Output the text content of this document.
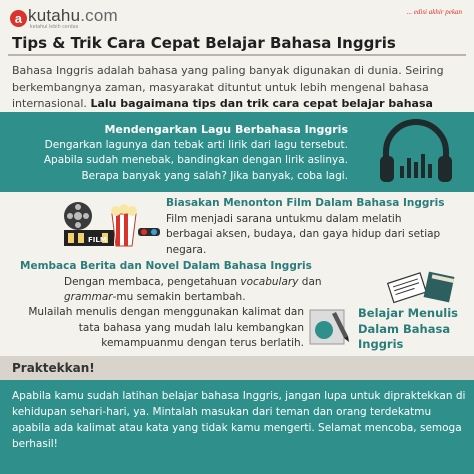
a kutahu.com
ketahui lebih cerdas
... edisi akhir pekan
Tips & Trik Cara Cepat Belajar Bahasa Inggris
Bahasa Inggris adalah bahasa yang paling banyak digunakan di dunia. Seiring berkembangnya zaman, masyarakat dituntut untuk lebih mengenal bahasa internasional. Lalu bagaimana tips dan trik cara cepat belajar bahasa
Mendengarkan Lagu Berbahasa Inggris
Dengarkan lagunya dan tebak arti lirik dari lagu tersebut.
Apabila sudah menebak, bandingkan dengan lirik aslinya.
Berapa banyak yang salah? Jika banyak, coba lagi.
FILM
Biasakan Menonton Film Dalam Bahasa Inggris
Film menjadi sarana untukmu dalam melatih
berbagai aksen, budaya, dan gaya hidup dari setiap
negara.
Membaca Berita dan Novel Dalam Bahasa Inggris
Dengan membaca, pengetahuan vocabulary dan
grammar-mu semakin bertambah.
Mulailah menulis dengan menggunakan kalimat dan
tata bahasa yang mudah lalu kembangkan
kemampuanmu dengan terus berlatih.
Belajar Menulis Dalam Bahasa Inggris
Praktekkan!
Apabila kamu sudah latihan belajar bahasa Inggris, jangan lupa untuk dipraktekkan di kehidupan sehari-hari, ya. Mintalah masukan dari teman dan orang terdekatmu apabila ada kalimat atau kata yang tidak kamu mengerti. Selamat mencoba, semoga berhasil!
